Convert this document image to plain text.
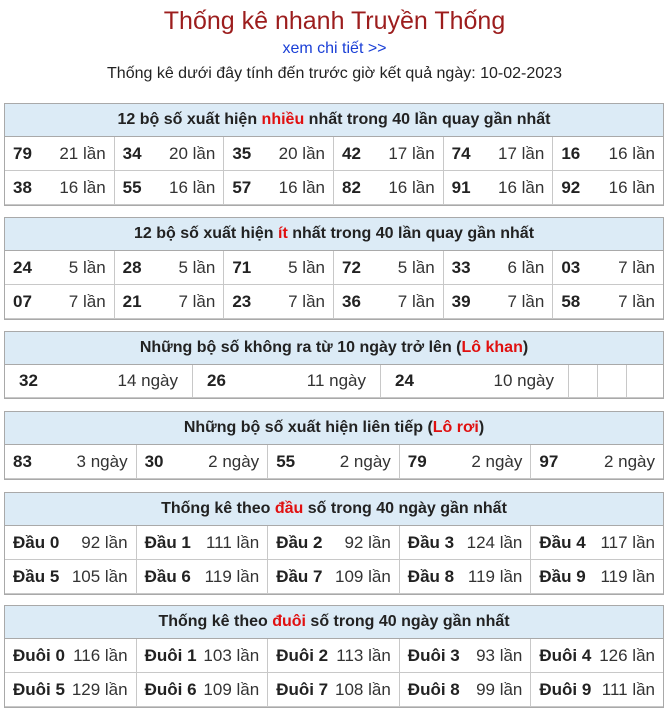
Thống kê nhanh Truyền Thống
xem chi tiết >>
Thống kê dưới đây tính đến trước giờ kết quả ngày: 10-02-2023
12 bộ số xuất hiện nhiều nhất trong 40 lần quay gần nhất
79 21 lần 34 20 lần 35 20 lần 42 17 lần 74 17 lần 16 16 lần
38 16 lần 55 16 lần 57 16 lần 82 16 lần 91 16 lần 92 16 lần
12 bộ số xuất hiện ít nhất trong 40 lần quay gần nhất
24 5 lần 28 5 lần 71 5 lần 72 5 lần 33 6 lần 03 7 lần
07 7 lần 21 7 lần 23 7 lần 36 7 lần 39 7 lần 58 7 lần
Những bộ số không ra từ 10 ngày trở lên (Lô khan)
32	14 ngày 26	11 ngày 24	10 ngày
Những bộ số xuất hiện liên tiếp (Lô rơi)
83	3 ngày 30	2 ngày 55	2 ngày 79	2 ngày 97	2 ngày
Thống kê theo đầu số trong 40 ngày gần nhất
Đầu 0 92 lần Đầu 1 111 lần Đầu 2 92 lần Đầu 3 124 lần Đầu 4 117 lần
Đầu 5 105 lần Đầu 6 119 lần Đầu 7 109 lần Đầu 8 119 lần Đầu 9 119 lần
Thống kê theo đuôi số trong 40 ngày gần nhất
Đuôi 0 116 lần Đuôi 1 103 lần Đuôi 2 113 lần Đuôi 3 93 lần Đuôi 4 126 lần
Đuôi 5 129 lần Đuôi 6 109 lần Đuôi 7 108 lần Đuôi 8 99 lần Đuôi 9 111 lần
